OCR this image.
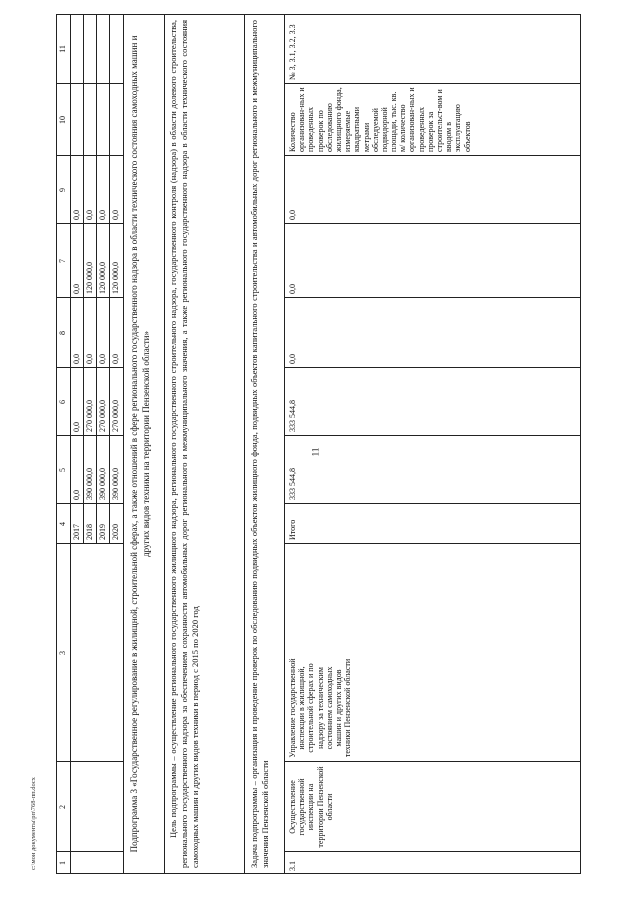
11
1
2
3
4
5
6
8
7
9
10
11
2017
0,0
0,0
0,0
0,0
0,0
2018
390 000,0
270 000,0
0,0
120 000,0
0,0
2019
390 000,0
270 000,0
0,0
120 000,0
0,0
2020
390 000,0
270 000,0
0,0
120 000,0
0,0 Подпрограмма 3 «Государственное регулирование в жилищной, строительной сферах, а также отношений в сфере регионального государственного надзора в области технического состояния самоходных машин и других видов техники на территории Пензенской области» Цель подпрограммы – осуществление регионального государственного жилищного надзора, регионального государственного строительного надзора, государственного контроля (надзора) в области долевого строительства, регионального государственного надзора за обеспечением сохранности автомобильных дорог регионального и межмуниципального значения, а также регионального государственного надзора в области технического состояния самоходных машин и других видов техники в период с 2015 по 2020 год	Задача подпрограммы – организация и проведение проверок по обследованию подвидных объектов жилищного фонда, подвидных объектов капитального строительства и автомобильных дорог регионального и межмуниципального значения Пензенской области 3.1
Осуществление государственной инспекции на территории Пензенской области
Управление государственной инспекции в жилищной, строительной сферах и по надзору за техническим состоянием самоходных машин и других видов техники Пензенской области
Итого
333 544,8
333 544,8
0,0
0,0
0,0
Количество организован-ных и проведенных проверок по обследованию жилищного фонда, измеряемые квадратными метрами обследуемой подвидорной площади, тыс. кв. м/ количество организован-ных и проведенных проверок за строительст-вом и вводом в эксплуатацию объектов
№ 3, 3.1, 3.2, 3.3
c:\мои документы\рп\768-пп.docx
